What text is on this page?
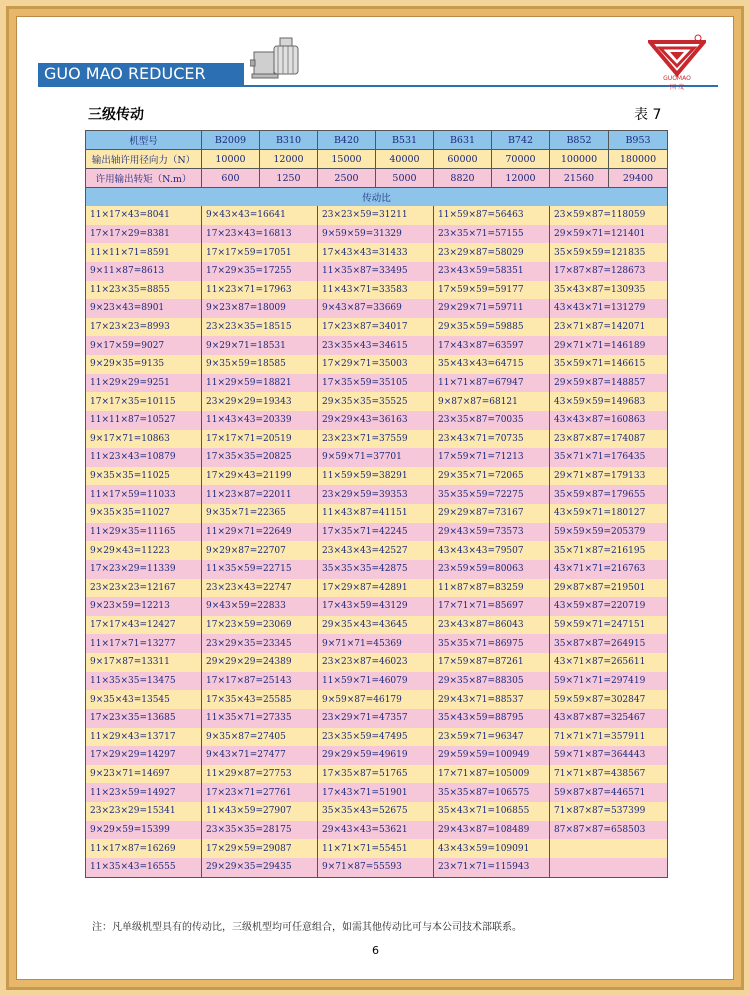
GUO MAO REDUCER	GUOMAO
国 茂
三级传动	表 7
机型号	B2009	B310	B420	B531	B631	B742	B852	B953
输出轴许用径向力（N）	10000	12000	15000	40000	60000	70000	100000	180000
许用输出转矩（N.m）	600	1250	2500	5000	8820	12000	21560	29400
传动比								
11×17×43=8041	9×43×43=16641	23×23×59=31211	11×59×87=56463	23×59×87=118059
17×17×29=8381	17×23×43=16813	9×59×59=31329	23×35×71=57155	29×59×71=121401
11×11×71=8591	17×17×59=17051	17×43×43=31433	23×29×87=58029	35×59×59=121835
9×11×87=8613	17×29×35=17255	11×35×87=33495	23×43×59=58351	17×87×87=128673
11×23×35=8855	11×23×71=17963	11×43×71=33583	17×59×59=59177	35×43×87=130935
9×23×43=8901	9×23×87=18009	9×43×87=33669	29×29×71=59711	43×43×71=131279
17×23×23=8993	23×23×35=18515	17×23×87=34017	29×35×59=59885	23×71×87=142071
9×17×59=9027	9×29×71=18531	23×35×43=34615	17×43×87=63597	29×71×71=146189
9×29×35=9135	9×35×59=18585	17×29×71=35003	35×43×43=64715	35×59×71=146615
11×29×29=9251	11×29×59=18821	17×35×59=35105	11×71×87=67947	29×59×87=148857
17×17×35=10115	23×29×29=19343	29×35×35=35525	9×87×87=68121	43×59×59=149683
11×11×87=10527	11×43×43=20339	29×29×43=36163	23×35×87=70035	43×43×87=160863
9×17×71=10863	17×17×71=20519	23×23×71=37559	23×43×71=70735	23×87×87=174087
11×23×43=10879	17×35×35=20825	9×59×71=37701	17×59×71=71213	35×71×71=176435
9×35×35=11025	17×29×43=21199	11×59×59=38291	29×35×71=72065	29×71×87=179133
11×17×59=11033	11×23×87=22011	23×29×59=39353	35×35×59=72275	35×59×87=179655
9×35×35=11027	9×35×71=22365	11×43×87=41151	29×29×87=73167	43×59×71=180127
11×29×35=11165	11×29×71=22649	17×35×71=42245	29×43×59=73573	59×59×59=205379
9×29×43=11223	9×29×87=22707	23×43×43=42527	43×43×43=79507	35×71×87=216195
17×23×29=11339	11×35×59=22715	35×35×35=42875	23×59×59=80063	43×71×71=216763
23×23×23=12167	23×23×43=22747	17×29×87=42891	11×87×87=83259	29×87×87=219501
9×23×59=12213	9×43×59=22833	17×43×59=43129	17×71×71=85697	43×59×87=220719
17×17×43=12427	17×23×59=23069	29×35×43=43645	23×43×87=86043	59×59×71=247151
11×17×71=13277	23×29×35=23345	9×71×71=45369	35×35×71=86975	35×87×87=264915
9×17×87=13311	29×29×29=24389	23×23×87=46023	17×59×87=87261	43×71×87=265611
11×35×35=13475	17×17×87=25143	11×59×71=46079	29×35×87=88305	59×71×71=297419
9×35×43=13545	17×35×43=25585	9×59×87=46179	29×43×71=88537	59×59×87=302847
17×23×35=13685	11×35×71=27335	23×29×71=47357	35×43×59=88795	43×87×87=325467
11×29×43=13717	9×35×87=27405	23×35×59=47495	23×59×71=96347	71×71×71=357911
17×29×29=14297	9×43×71=27477	29×29×59=49619	29×59×59=100949	59×71×87=364443
9×23×71=14697	11×29×87=27753	17×35×87=51765	17×71×87=105009	71×71×87=438567
11×23×59=14927	17×23×71=27761	17×43×71=51901	35×35×87=106575	59×87×87=446571
23×23×29=15341	11×43×59=27907	35×35×43=52675	35×43×71=106855	71×87×87=537399
9×29×59=15399	23×35×35=28175	29×43×43=53621	29×43×87=108489	87×87×87=658503
11×17×87=16269	17×29×59=29087	11×71×71=55451	43×43×59=109091	
11×35×43=16555	29×29×35=29435	9×71×87=55593	23×71×71=115943	
注：凡单级机型具有的传动比，三级机型均可任意组合，如需其他传动比可与本公司技术部联系。
6
